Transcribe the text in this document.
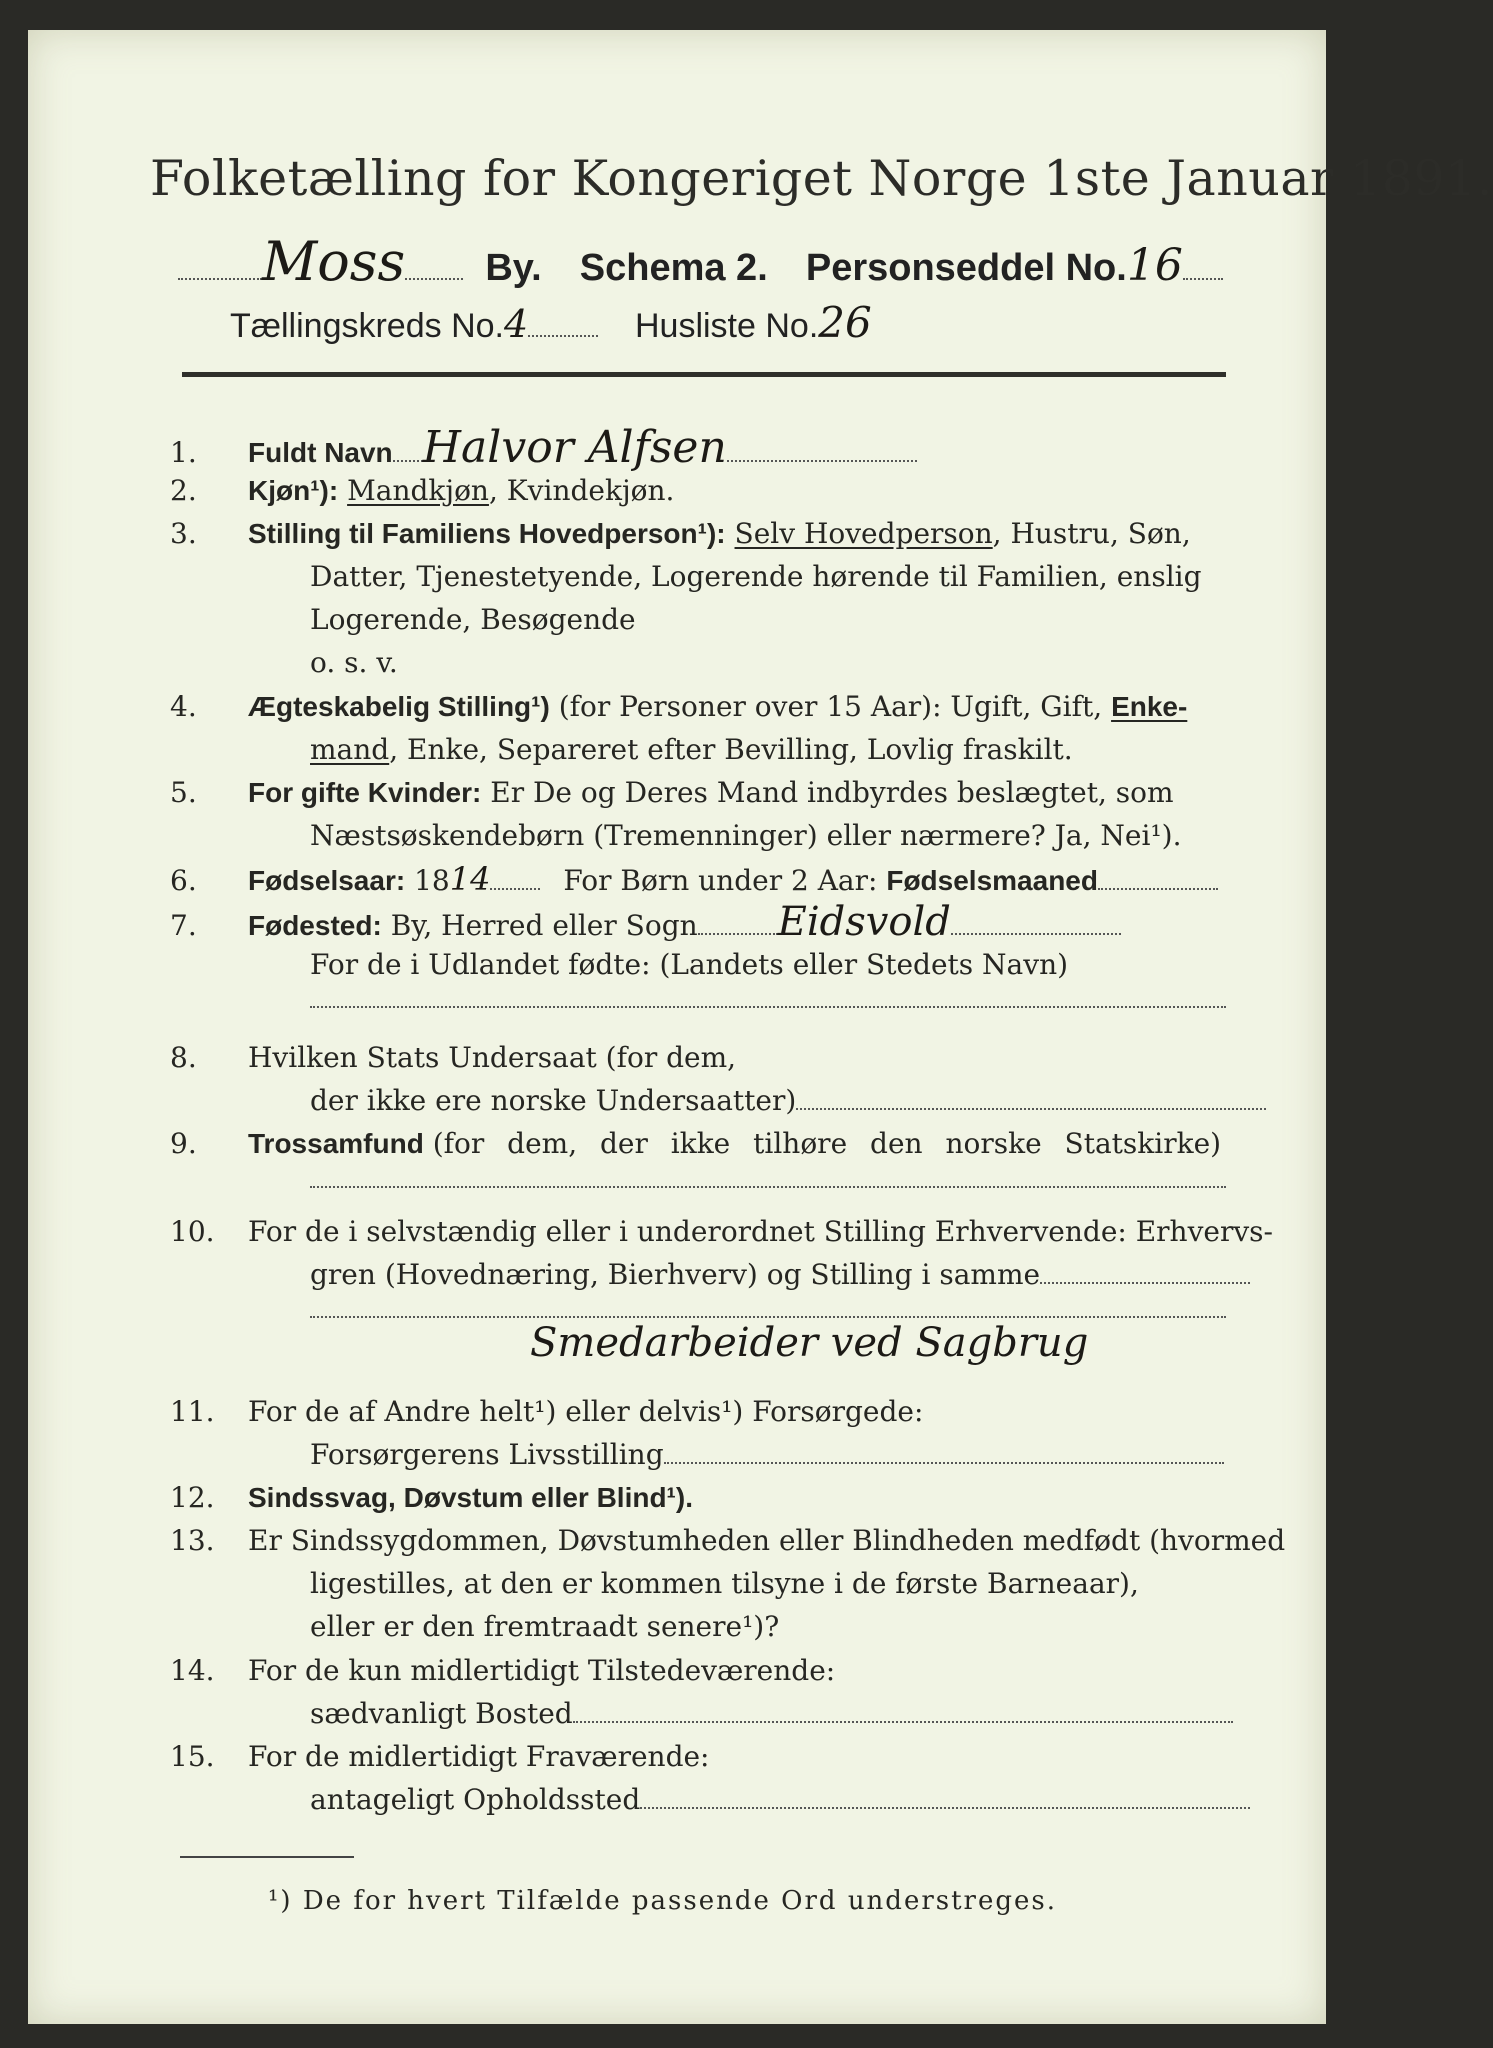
Folketælling for Kongeriget Norge 1ste Januar 1891.
Moss By. Schema 2. Personseddel No.16
Tællingskreds No.4	Husliste No.26
1. Fuldt Navn Halvor Alfsen
2. Kjøn¹): Mandkjøn, Kvindekjøn.
3. Stilling til Familiens Hovedperson¹): Selv Hovedperson, Hustru, Søn,
Datter, Tjenestetyende, Logerende hørende til Familien, enslig
Logerende, Besøgende
o. s. v.
4. Ægteskabelig Stilling¹) (for Personer over 15 Aar): Ugift, Gift, Enke-
mand, Enke, Separeret efter Bevilling, Lovlig fraskilt.
5. For gifte Kvinder: Er De og Deres Mand indbyrdes beslægtet, som
Næstsøskendebørn (Tremenninger) eller nærmere? Ja, Nei¹).
6. Fødselsaar: 1814	For Børn under 2 Aar: Fødselsmaaned
7. Fødested: By, Herred eller Sogn Eidsvold
For de i Udlandet fødte: (Landets eller Stedets Navn)
8. Hvilken Stats Undersaat (for dem,
der ikke ere norske Undersaatter)
9. Trossamfund (for dem, der ikke tilhøre den norske Statskirke)
10. For de i selvstændig eller i underordnet Stilling Erhvervende: Erhvervs-
gren (Hovednæring, Bierhverv) og Stilling i samme
Smedarbeider ved Sagbrug
11. For de af Andre helt¹) eller delvis¹) Forsørgede:
Forsørgerens Livsstilling
12. Sindssvag, Døvstum eller Blind¹).
13. Er Sindssygdommen, Døvstumheden eller Blindheden medfødt (hvormed
ligestilles, at den er kommen tilsyne i de første Barneaar),
eller er den fremtraadt senere¹)?
14. For de kun midlertidigt Tilstedeværende:
sædvanligt Bosted
15. For de midlertidigt Fraværende:
antageligt Opholdssted
¹) De for hvert Tilfælde passende Ord understreges.
